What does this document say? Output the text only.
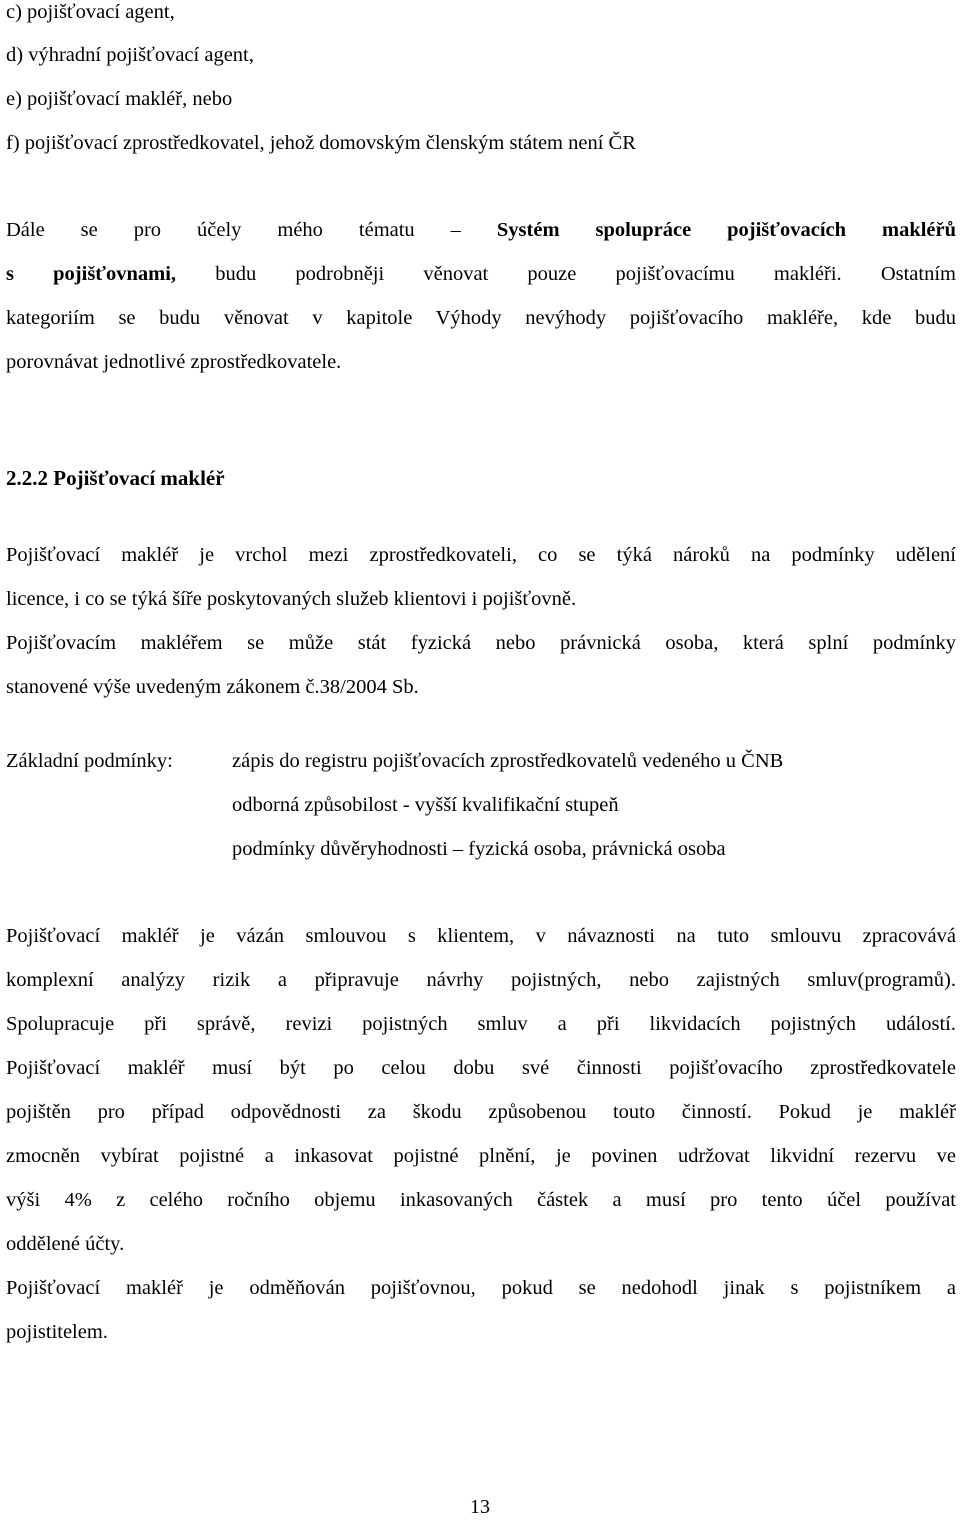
c) pojišťovací agent,
d) výhradní pojišťovací agent,
e) pojišťovací makléř, nebo
f) pojišťovací zprostředkovatel, jehož domovským členským státem není ČR
Dále se pro účely mého tématu – Systém spolupráce pojišťovacích makléřů
s pojišťovnami, budu podrobněji věnovat pouze pojišťovacímu makléři. Ostatním
kategoriím se budu věnovat v kapitole Výhody nevýhody pojišťovacího makléře, kde budu
porovnávat jednotlivé zprostředkovatele.
2.2.2 Pojišťovací makléř
Pojišťovací makléř je vrchol mezi zprostředkovateli, co se týká nároků na podmínky udělení
licence, i co se týká šíře poskytovaných služeb klientovi i pojišťovně.
Pojišťovacím makléřem se může stát fyzická nebo právnická osoba, která splní podmínky
stanovené výše uvedeným zákonem č.38/2004 Sb.
Základní podmínky:	zápis do registru pojišťovacích zprostředkovatelů vedeného u ČNB
odborná způsobilost - vyšší kvalifikační stupeň
podmínky důvěryhodnosti – fyzická osoba, právnická osoba
Pojišťovací makléř je vázán smlouvou s klientem, v návaznosti na tuto smlouvu zpracovává
komplexní analýzy rizik a připravuje návrhy pojistných, nebo zajistných smluv(programů).
Spolupracuje při správě, revizi pojistných smluv a při likvidacích pojistných událostí.
Pojišťovací makléř musí být po celou dobu své činnosti pojišťovacího zprostředkovatele
pojištěn pro případ odpovědnosti za škodu způsobenou touto činností. Pokud je makléř
zmocněn vybírat pojistné a inkasovat pojistné plnění, je povinen udržovat likvidní rezervu ve
výši 4% z celého ročního objemu inkasovaných částek a musí pro tento účel používat
oddělené účty.
Pojišťovací makléř je odměňován pojišťovnou, pokud se nedohodl jinak s pojistníkem a
pojistitelem.
13
